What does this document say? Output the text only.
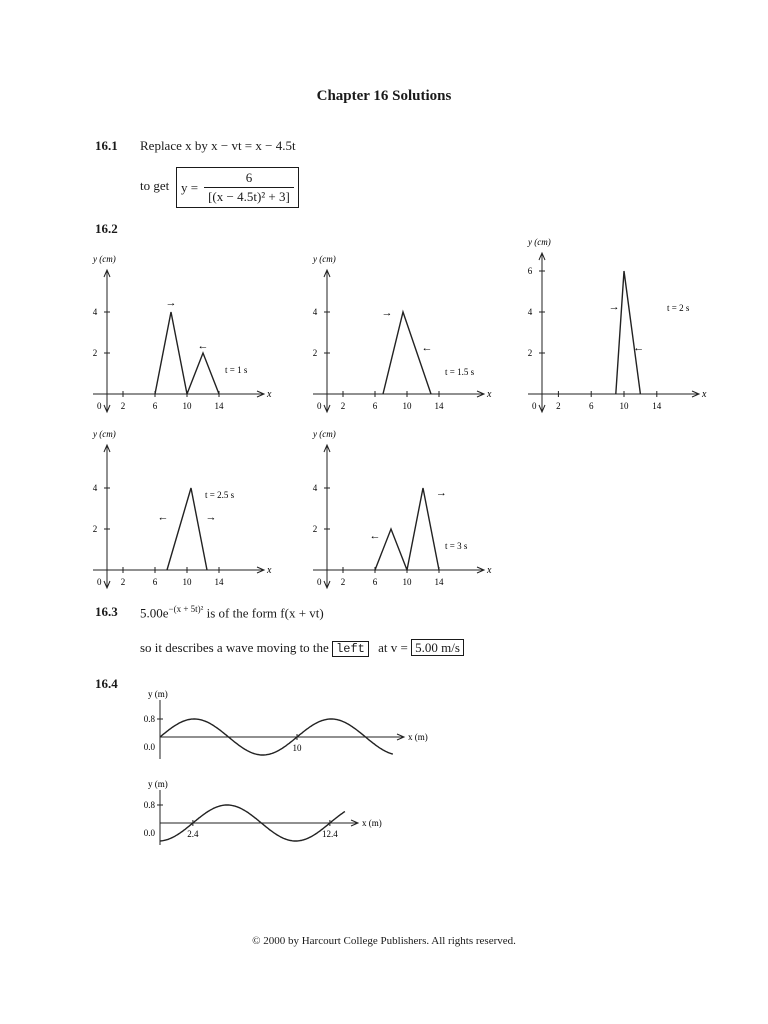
Chapter 16 Solutions
16.1 Replace x by x − vt = x − 4.5t
to get $y = \frac{6}{\text{[(x − 4.5t)² + 3]}}$
16.2
y (cm)
x
0 2	6	10	14
2
4
→
←
t = 1 s
y (cm)
x
0 2	6	10	14
2
4	→
←
t = 1.5 s
y (cm)
x
0 2	6	10	14
2
4
6
→
←
t = 2 s
y (cm)
x
0 2	6	10	14
2
4
←	→
t = 2.5 s
y (cm)
x
0 2	6	10	14
2
4
←
→
t = 3 s
y (m)
x (m)
0.8
0.0	10
y (m)
x (m)
0.8
0.0	2.4	12.4
16.3 $5.00e^{-(x + 5t)^2}$ is of the form f(x + vt)
so it describes a wave moving to the left at v = 5.00 m/s
16.4
© 2000 by Harcourt College Publishers. All rights reserved.
